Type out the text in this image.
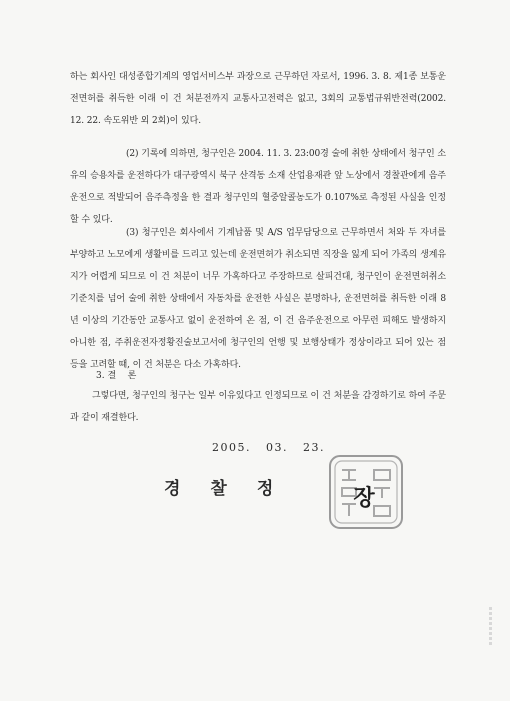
하는 회사인 대성종합기계의 영업서비스부 과장으로 근무하던 자로서, 1996. 3. 8. 제1종 보통운전면허를 취득한 이래 이 건 처분전까지 교통사고전력은 없고, 3회의 교통법규위반전력(2002. 12. 22. 속도위반 외 2회)이 있다.
(2) 기록에 의하면, 청구인은 2004. 11. 3. 23:00경 술에 취한 상태에서 청구인 소유의 승용차를 운전하다가 대구광역시 북구 산격동 소재 산업용재관 앞 노상에서 경찰관에게 음주운전으로 적발되어 음주측정을 한 결과 청구인의 혈중알콜농도가 0.107%로 측정된 사실을 인정할 수 있다.
(3) 청구인은 회사에서 기계납품 및 A/S 업무담당으로 근무하면서 처와 두 자녀를 부양하고 노모에게 생활비를 드리고 있는데 운전면허가 취소되면 직장을 잃게 되어 가족의 생계유지가 어렵게 되므로 이 건 처분이 너무 가혹하다고 주장하므로 살피건대, 청구인이 운전면허취소기준치를 넘어 술에 취한 상태에서 자동차를 운전한 사실은 분명하나, 운전면허를 취득한 이래 8년 이상의 기간동안 교통사고 없이 운전하여 온 점, 이 건 음주운전으로 아무런 피해도 발생하지 아니한 점, 주취운전자정황진술보고서에 청구인의 언행 및 보행상태가 정상이라고 되어 있는 점 등을 고려할 때, 이 건 처분은 다소 가혹하다.
3. 결    론
그렇다면, 청구인의 청구는 일부 이유있다고 인정되므로 이 건 처분을 감경하기로 하여 주문과 같이 재결한다.
2005.   03.   23.
경찰정 장
